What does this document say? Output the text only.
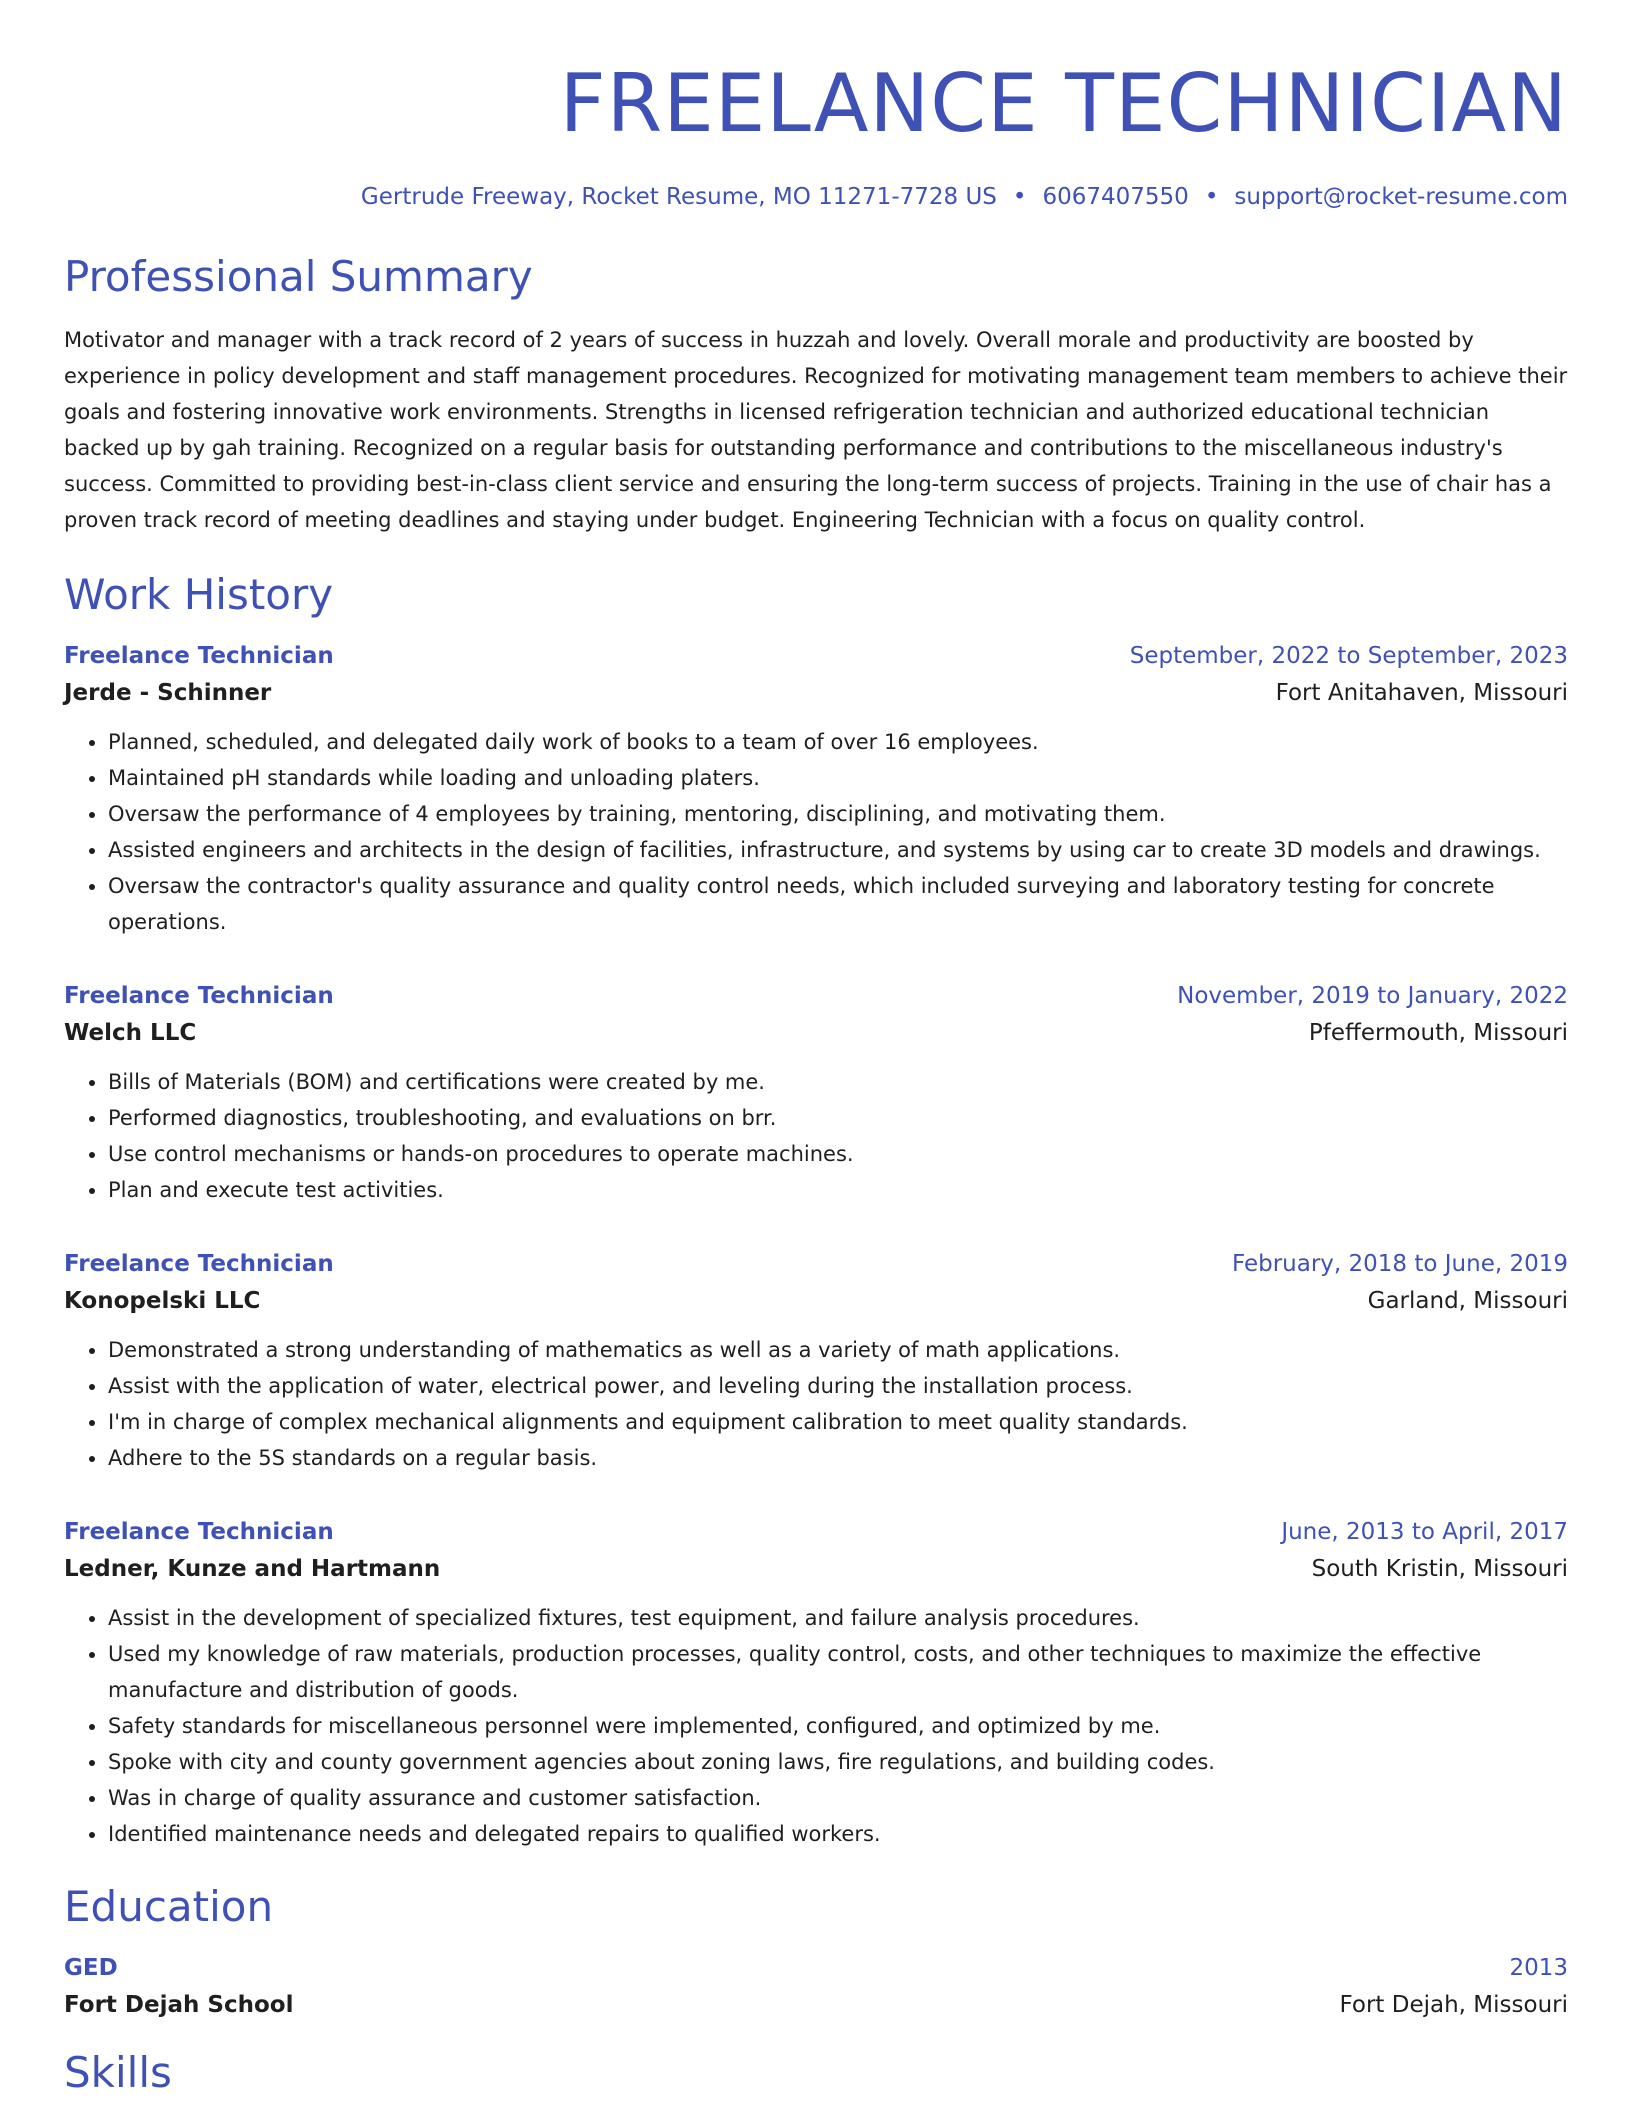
FREELANCE TECHNICIAN
Gertrude Freeway, Rocket Resume, MO 11271-7728 US • 6067407550 • support@rocket-resume.com
Professional Summary
Motivator and manager with a track record of 2 years of success in huzzah and lovely. Overall morale and productivity are boosted by experience in policy development and staff management procedures. Recognized for motivating management team members to achieve their goals and fostering innovative work environments. Strengths in licensed refrigeration technician and authorized educational technician backed up by gah training. Recognized on a regular basis for outstanding performance and contributions to the miscellaneous industry's success. Committed to providing best-in-class client service and ensuring the long-term success of projects. Training in the use of chair has a proven track record of meeting deadlines and staying under budget. Engineering Technician with a focus on quality control.
Work History
Freelance Technician	September, 2022 to September, 2023
Jerde - Schinner	Fort Anitahaven, Missouri
• Planned, scheduled, and delegated daily work of books to a team of over 16 employees.
• Maintained pH standards while loading and unloading platers.
• Oversaw the performance of 4 employees by training, mentoring, disciplining, and motivating them.
• Assisted engineers and architects in the design of facilities, infrastructure, and systems by using car to create 3D models and drawings.
• Oversaw the contractor's quality assurance and quality control needs, which included surveying and laboratory testing for concrete operations.
Freelance Technician	November, 2019 to January, 2022
Welch LLC	Pfeffermouth, Missouri
• Bills of Materials (BOM) and certifications were created by me.
• Performed diagnostics, troubleshooting, and evaluations on brr.
• Use control mechanisms or hands-on procedures to operate machines.
• Plan and execute test activities.
Freelance Technician	February, 2018 to June, 2019
Konopelski LLC	Garland, Missouri
• Demonstrated a strong understanding of mathematics as well as a variety of math applications.
• Assist with the application of water, electrical power, and leveling during the installation process.
• I'm in charge of complex mechanical alignments and equipment calibration to meet quality standards.
• Adhere to the 5S standards on a regular basis.
Freelance Technician	June, 2013 to April, 2017
Ledner, Kunze and Hartmann	South Kristin, Missouri
• Assist in the development of specialized fixtures, test equipment, and failure analysis procedures.
• Used my knowledge of raw materials, production processes, quality control, costs, and other techniques to maximize the effective manufacture and distribution of goods.
• Safety standards for miscellaneous personnel were implemented, configured, and optimized by me.
• Spoke with city and county government agencies about zoning laws, fire regulations, and building codes.
• Was in charge of quality assurance and customer satisfaction.
• Identified maintenance needs and delegated repairs to qualified workers.
Education
GED	2013
Fort Dejah School	Fort Dejah, Missouri
Skills
